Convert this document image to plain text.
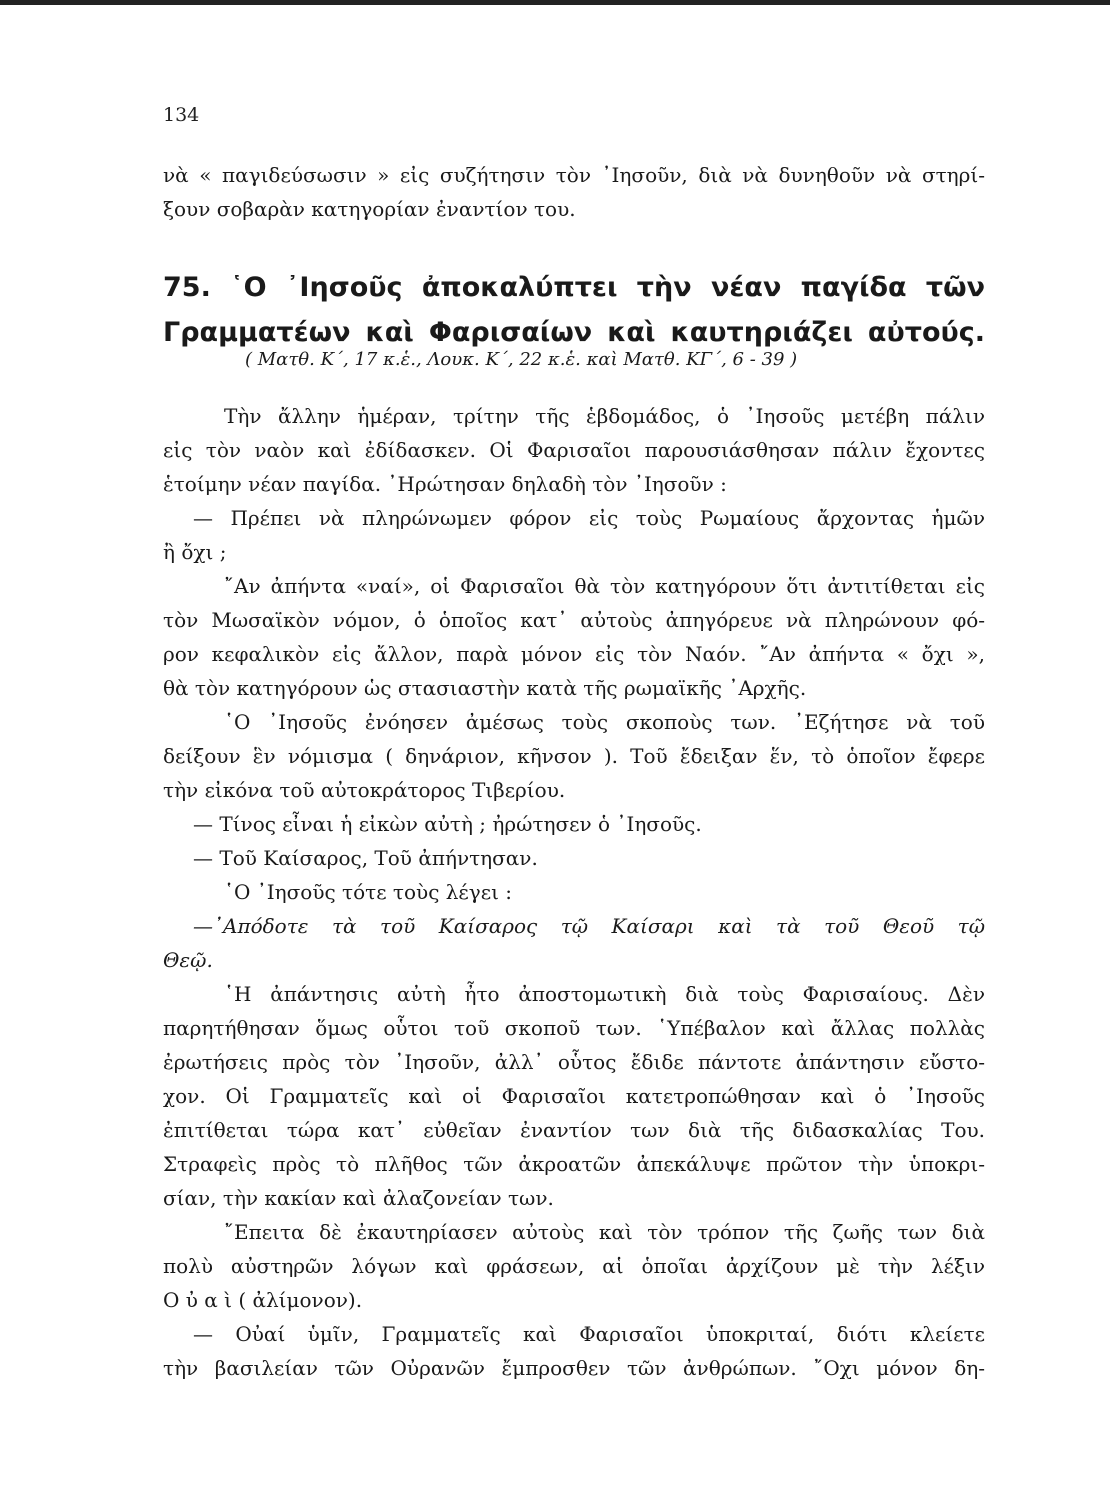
134
νὰ « παγιδεύσωσιν » εἰς συζήτησιν τὸν ᾽Ιησοῦν, διὰ νὰ δυνηθοῦν νὰ στηρί-
ξουν σοβαρὰν κατηγορίαν ἐναντίον του.
75. ῾Ο ᾽Ιησοῦς ἀποκαλύπτει τὴν νέαν παγίδα τῶν
Γραμματέων καὶ Φαρισαίων καὶ καυτηριάζει αὐτούς.
( Ματθ. Κ΄, 17 κ.ἑ., Λουκ. Κ΄, 22 κ.ἑ. καὶ Ματθ. ΚΓ΄, 6 - 39 )
Τὴν ἄλλην ἡμέραν, τρίτην τῆς ἑβδομάδος, ὁ ᾽Ιησοῦς μετέβη πάλιν
εἰς τὸν ναὸν καὶ ἐδίδασκεν. Οἱ Φαρισαῖοι παρουσιάσθησαν πάλιν ἔχοντες
ἑτοίμην νέαν παγίδα. ᾽Ηρώτησαν δηλαδὴ τὸν ᾽Ιησοῦν :
— Πρέπει νὰ πληρώνωμεν φόρον εἰς τοὺς Ρωμαίους ἄρχοντας ἡμῶν
ἢ ὄχι ;
῎Αν ἀπήντα «ναί», οἱ Φαρισαῖοι θὰ τὸν κατηγόρουν ὅτι ἀντιτίθεται εἰς
τὸν Μωσαϊκὸν νόμον, ὁ ὁποῖος κατ᾽ αὐτοὺς ἀπηγόρευε νὰ πληρώνουν φό-
ρον κεφαλικὸν εἰς ἄλλον, παρὰ μόνον εἰς τὸν Ναόν. ῎Αν ἀπήντα « ὄχι »,
θὰ τὸν κατηγόρουν ὡς στασιαστὴν κατὰ τῆς ρωμαϊκῆς ᾽Αρχῆς.
῾Ο ᾽Ιησοῦς ἐνόησεν ἀμέσως τοὺς σκοποὺς των. ᾽Εζήτησε νὰ τοῦ
δείξουν ἓν νόμισμα ( δηνάριον, κῆνσον ). Τοῦ ἔδειξαν ἕν, τὸ ὁποῖον ἔφερε
τὴν εἰκόνα τοῦ αὐτοκράτορος Τιβερίου.
— Τίνος εἶναι ἡ εἰκὼν αὐτὴ ; ἠρώτησεν ὁ ᾽Ιησοῦς.
— Τοῦ Καίσαρος, Τοῦ ἀπήντησαν.
῾Ο ᾽Ιησοῦς τότε τοὺς λέγει :
—᾽Απόδοτε τὰ τοῦ Καίσαρος τῷ Καίσαρι καὶ τὰ τοῦ Θεοῦ τῷ
Θεῷ.
῾Η ἀπάντησις αὐτὴ ἦτο ἀποστομωτικὴ διὰ τοὺς Φαρισαίους. Δὲν
παρητήθησαν ὅμως οὗτοι τοῦ σκοποῦ των. ῾Υπέβαλον καὶ ἄλλας πολλὰς
ἐρωτήσεις πρὸς τὸν ᾽Ιησοῦν, ἀλλ᾽ οὗτος ἔδιδε πάντοτε ἀπάντησιν εὔστο-
χον. Οἱ Γραμματεῖς καὶ οἱ Φαρισαῖοι κατετροπώθησαν καὶ ὁ ᾽Ιησοῦς
ἐπιτίθεται τώρα κατ᾽ εὐθεῖαν ἐναντίον των διὰ τῆς διδασκαλίας Του.
Στραφεὶς πρὸς τὸ πλῆθος τῶν ἀκροατῶν ἀπεκάλυψε πρῶτον τὴν ὑποκρι-
σίαν, τὴν κακίαν καὶ ἀλαζονείαν των.
῎Επειτα δὲ ἐκαυτηρίασεν αὐτοὺς καὶ τὸν τρόπον τῆς ζωῆς των διὰ
πολὺ αὐστηρῶν λόγων καὶ φράσεων, αἱ ὁποῖαι ἀρχίζουν μὲ τὴν λέξιν
Ο ὐ α ὶ ( ἀλίμονον).
— Οὐαί ὑμῖν, Γραμματεῖς καὶ Φαρισαῖοι ὑποκριταί, διότι κλείετε
τὴν βασιλείαν τῶν Οὐρανῶν ἔμπροσθεν τῶν ἀνθρώπων. ῎Οχι μόνον δη-
